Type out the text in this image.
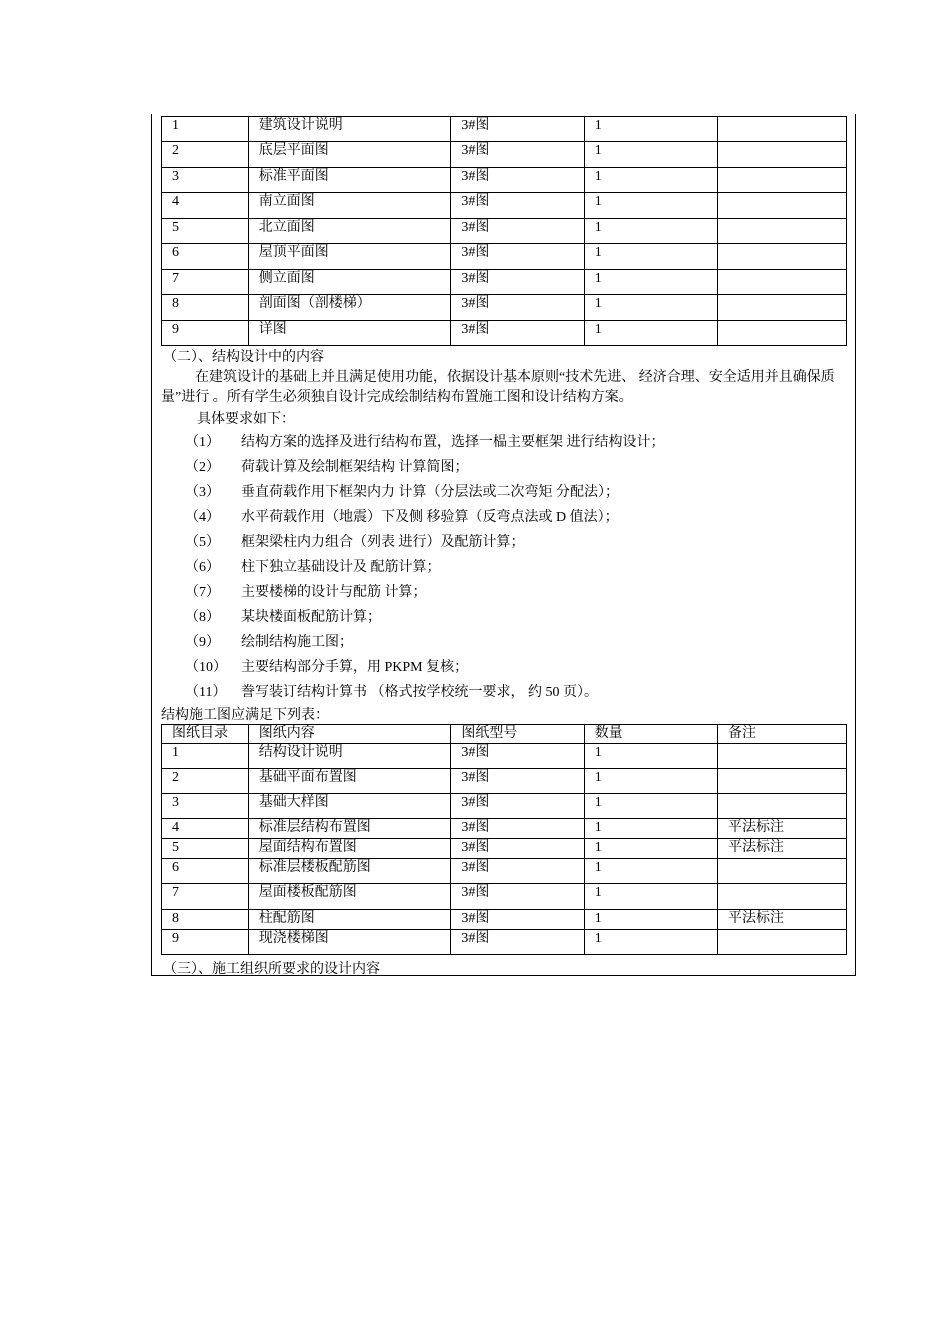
1	建筑设计说明	3#图	1	
2	底层平面图	3#图	1	
3	标准平面图	3#图	1	
4	南立面图	3#图	1	
5	北立面图	3#图	1	
6	屋顶平面图	3#图	1	
7	侧立面图	3#图	1	
8	剖面图（剖楼梯）	3#图	1	
9	详图	3#图	1	
（二）、结构设计中的内容
在建筑设计的基础上并且满足使用功能，依据设计基本原则“技术先进、 经济合理、安全适用并且确保质量”进行 。所有学生必须独自设计完成绘制结构布置施工图和设计结构方案。
具体要求如下：
（1） 结构方案的选择及进行结构布置，选择一榀主要框架 进行结构设计；
（2） 荷载计算及绘制框架结构 计算简图；
（3） 垂直荷载作用下框架内力 计算（分层法或二次弯矩 分配法）；
（4） 水平荷载作用（地震）下及侧 移验算（反弯点法或 D 值法）；
（5） 框架梁柱内力组合（列表 进行）及配筋计算；
（6） 柱下独立基础设计及 配筋计算；
（7） 主要楼梯的设计与配筋 计算；
（8） 某块楼面板配筋计算；
（9） 绘制结构施工图；
（10） 主要结构部分手算，用 PKPM 复核；
（11） 誊写装订结构计算书 （格式按学校统一要求， 约 50 页）。
结构施工图应满足下列表：
图纸目录	图纸内容	图纸型号	数量	备注
1	结构设计说明	3#图	1	
2	基础平面布置图	3#图	1	
3	基础大样图	3#图	1	
4	标准层结构布置图	3#图	1	平法标注
5	屋面结构布置图	3#图	1	平法标注
6	标准层楼板配筋图	3#图	1	
7	屋面楼板配筋图	3#图	1	
8	柱配筋图	3#图	1	平法标注
9	现浇楼梯图	3#图	1	
（三）、施工组织所要求的设计内容
